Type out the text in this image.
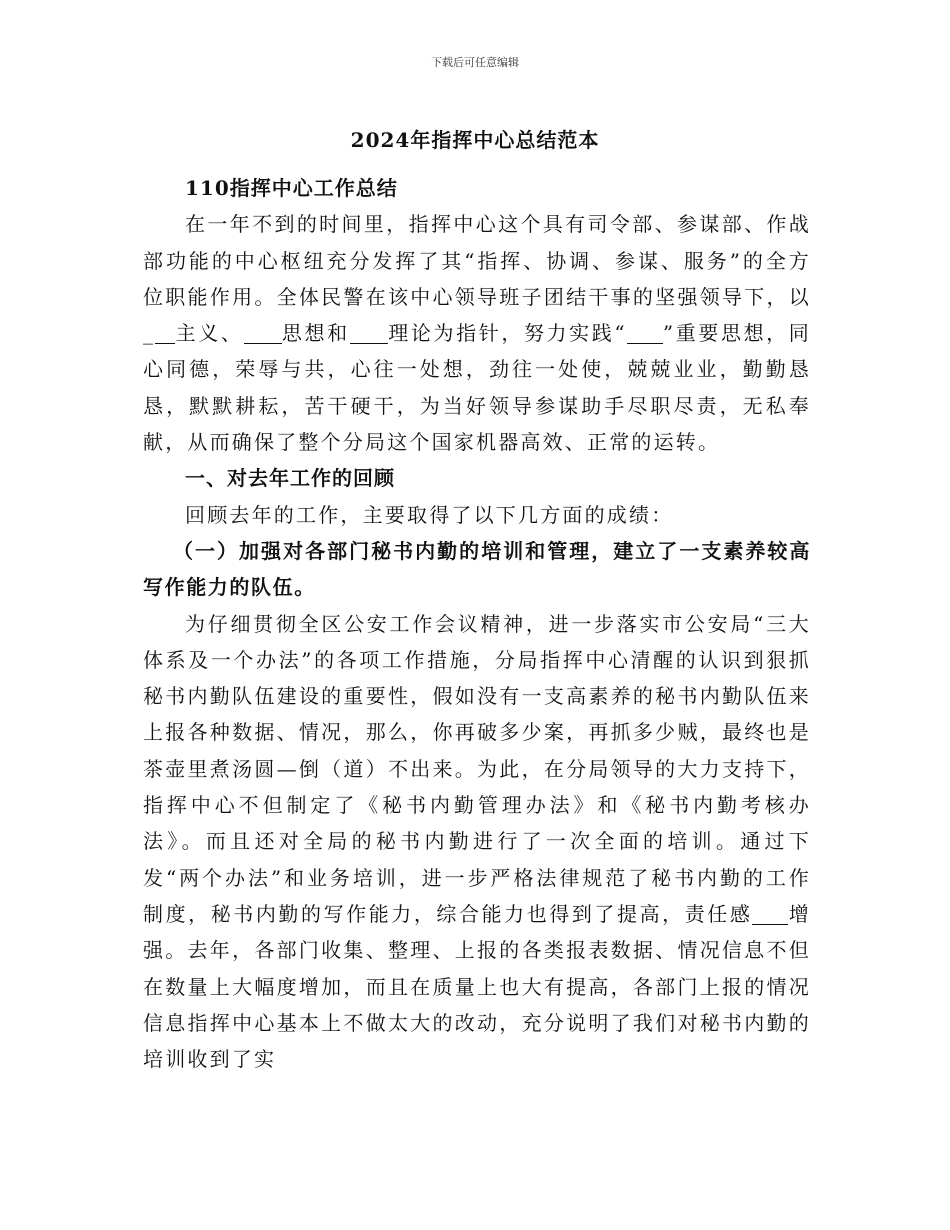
下载后可任意编辑
2024年指挥中心总结范本

110指挥中心工作总结

在一年不到的时间里，指挥中心这个具有司令部、参谋部、作战部功能的中心枢纽充分发挥了其“指挥、协调、参谋、服务”的全方位职能作用。全体民警在该中心领导班子团结干事的坚强领导下，以_ 主义、 思想和 理论为指针，努力实践“ ”重要思想，同心同德，荣辱与共，心往一处想，劲往一处使，兢兢业业，勤勤恳恳，默默耕耘，苦干硬干，为当好领导参谋助手尽职尽责，无私奉献，从而确保了整个分局这个国家机器高效、正常的运转。

一、对去年工作的回顾

回顾去年的工作，主要取得了以下几方面的成绩：

（一）加强对各部门秘书内勤的培训和管理，建立了一支素养较高写作能力的队伍。

为仔细贯彻全区公安工作会议精神，进一步落实市公安局“三大体系及一个办法”的各项工作措施，分局指挥中心清醒的认识到狠抓秘书内勤队伍建设的重要性，假如没有一支高素养的秘书内勤队伍来上报各种数据、情况，那么，你再破多少案，再抓多少贼，最终也是茶壶里煮汤圆—倒（道）不出来。为此，在分局领导的大力支持下，指挥中心不但制定了《秘书内勤管理办法》和《秘书内勤考核办法》。而且还对全局的秘书内勤进行了一次全面的培训。通过下发“两个办法”和业务培训，进一步严格法律规范了秘书内勤的工作制度，秘书内勤的写作能力，综合能力也得到了提高，责任感 增强。去年，各部门收集、整理、上报的各类报表数据、情况信息不但在数量上大幅度增加，而且在质量上也大有提高，各部门上报的情况信息指挥中心基本上不做太大的改动，充分说明了我们对秘书内勤的培训收到了实
